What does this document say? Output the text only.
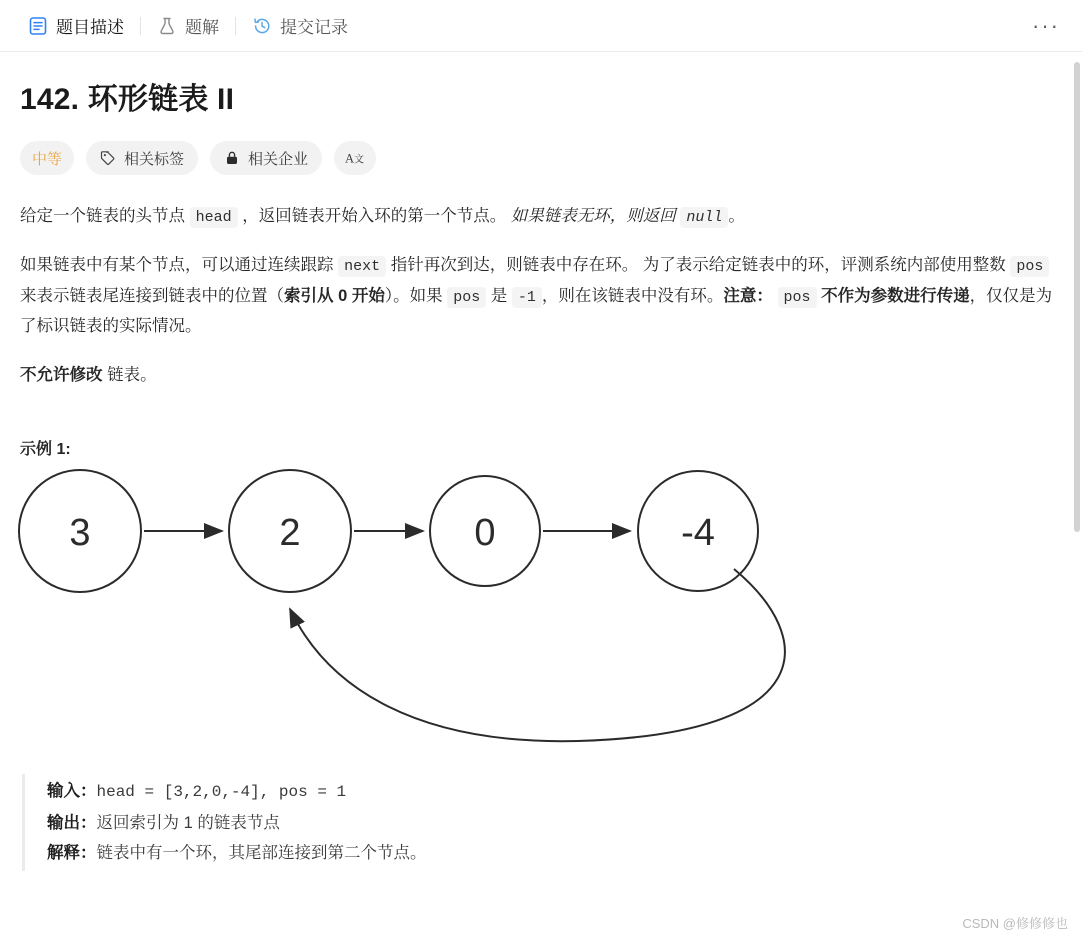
题目描述	题解	提交记录	···
142. 环形链表 II
中等	相关标签	相关企业	A 文

给定一个链表的头节点 head ，返回链表开始入环的第一个节点。 如果链表无环，则返回 null 。

如果链表中有某个节点，可以通过连续跟踪 next 指针再次到达，则链表中存在环。 为了表示给定链表中的环，评测系统内部使用整数 pos 来表示链表尾连接到链表中的位置（索引从 0 开始）。如果 pos 是 -1 ，则在该链表中没有环。注意： pos 不作为参数进行传递，仅仅是为了标识链表的实际情况。

不允许修改 链表。

示例 1:
3	2	0	-4
输入：head = [3,2,0,-4], pos = 1
输出：返回索引为 1 的链表节点
解释：链表中有一个环，其尾部连接到第二个节点。
CSDN @修修修也
